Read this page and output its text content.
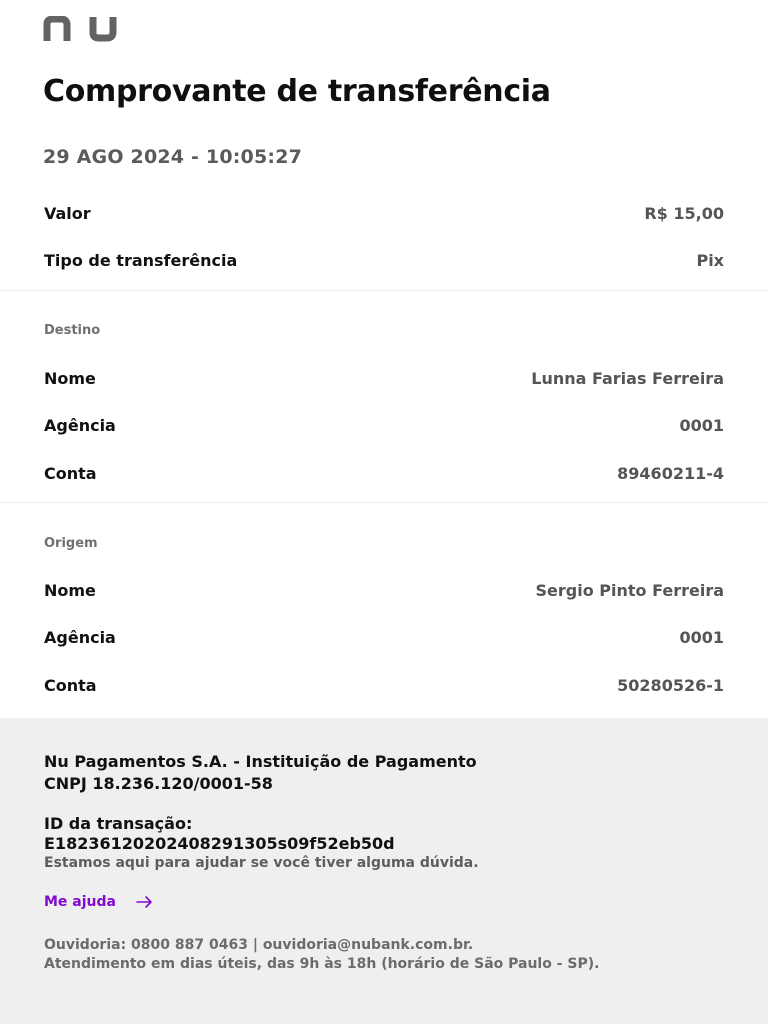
Comprovante de transferência
29 AGO 2024 - 10:05:27
Valor	R$ 15,00
Tipo de transferência	Pix
Destino
Nome	Lunna Farias Ferreira
Agência	0001
Conta	89460211-4
Origem
Nome	Sergio Pinto Ferreira
Agência	0001
Conta	50280526-1
Nu Pagamentos S.A. - Instituição de Pagamento
CNPJ 18.236.120/0001-58
ID da transação:
E18236120202408291305s09f52eb50d
Estamos aqui para ajudar se você tiver alguma dúvida.
Me ajuda
Ouvidoria: 0800 887 0463 | ouvidoria@nubank.com.br.
Atendimento em dias úteis, das 9h às 18h (horário de São Paulo - SP).
